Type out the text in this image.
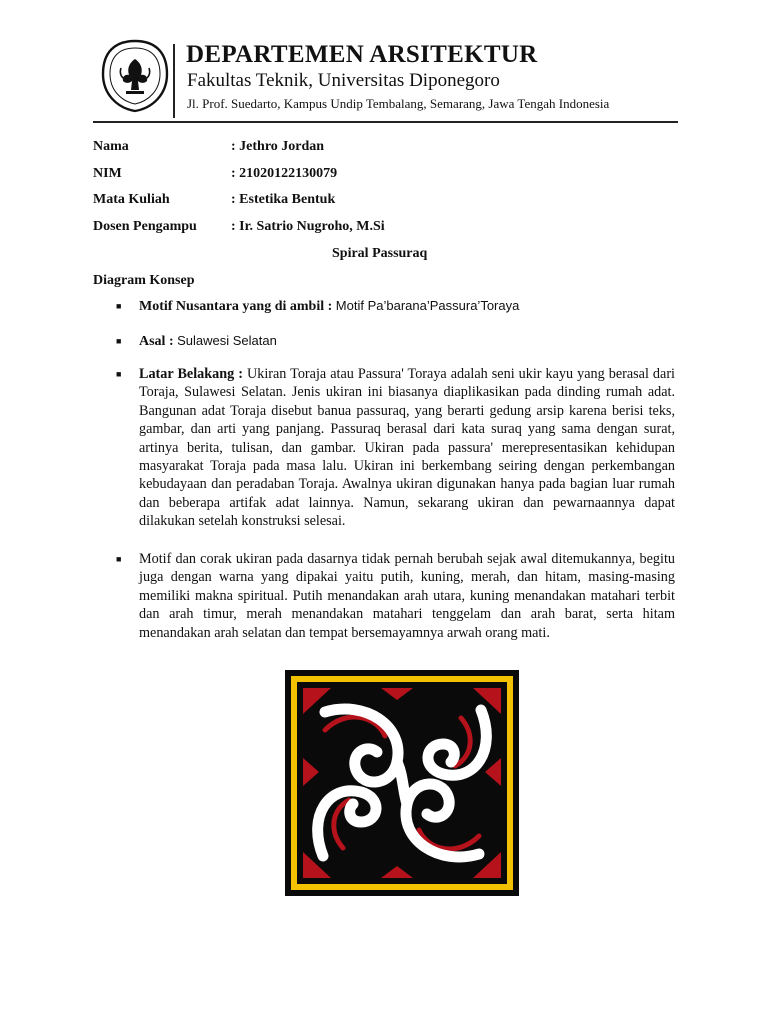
DEPARTEMEN ARSITEKTUR
Fakultas Teknik, Universitas Diponegoro
Jl. Prof. Suedarto, Kampus Undip Tembalang, Semarang, Jawa Tengah Indonesia
Nama	: Jethro Jordan
NIM	: 21020122130079
Mata Kuliah	: Estetika Bentuk
Dosen Pengampu : Ir. Satrio Nugroho, M.Si
Spiral Passuraq
Diagram Konsep
■ Motif Nusantara yang di ambil : Motif Pa’barana’Passura’Toraya
■ Asal : Sulawesi Selatan
■ Latar Belakang : Ukiran Toraja atau Passura' Toraya adalah seni ukir kayu yang berasal dari Toraja, Sulawesi Selatan. Jenis ukiran ini biasanya diaplikasikan pada dinding rumah adat. Bangunan adat Toraja disebut banua passuraq, yang berarti gedung arsip karena berisi teks, gambar, dan arti yang panjang. Passuraq berasal dari kata suraq yang sama dengan surat, artinya berita, tulisan, dan gambar. Ukiran pada passura' merepresentasikan kehidupan masyarakat Toraja pada masa lalu. Ukiran ini berkembang seiring dengan perkembangan kebudayaan dan peradaban Toraja. Awalnya ukiran digunakan hanya pada bagian luar rumah dan beberapa artifak adat lainnya. Namun, sekarang ukiran dan pewarnaannya dapat dilakukan setelah konstruksi selesai.

■ Motif dan corak ukiran pada dasarnya tidak pernah berubah sejak awal ditemukannya, begitu juga dengan warna yang dipakai yaitu putih, kuning, merah, dan hitam, masing-masing memiliki makna spiritual. Putih menandakan arah utara, kuning menandakan matahari terbit dan arah timur, merah menandakan matahari tenggelam dan arah barat, serta hitam menandakan arah selatan dan tempat bersemayamnya arwah orang mati.
